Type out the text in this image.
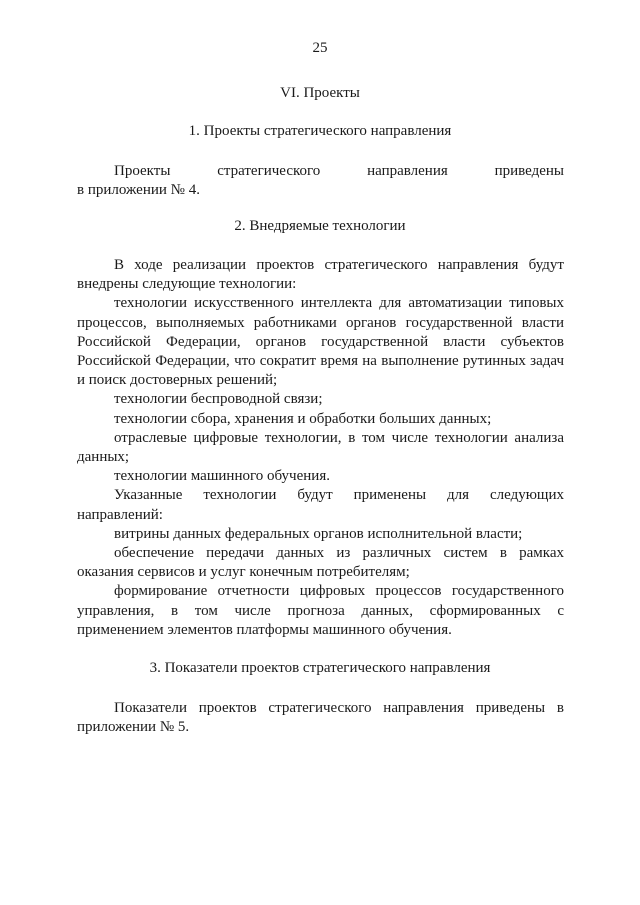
25
VI. Проекты
1. Проекты стратегического направления
Проекты	стратегического	направления	приведены
в приложении № 4.
2. Внедряемые технологии

В ходе реализации проектов стратегического направления будут внедрены следующие технологии:

технологии искусственного интеллекта для автоматизации типовых процессов, выполняемых работниками органов государственной власти Российской Федерации, органов государственной власти субъектов Российской Федерации, что сократит время на выполнение рутинных задач и поиск достоверных решений;

технологии беспроводной связи;

технологии сбора, хранения и обработки больших данных;

отраслевые цифровые технологии, в том числе технологии анализа данных;

технологии машинного обучения.

Указанные технологии будут применены для следующих направлений:

витрины данных федеральных органов исполнительной власти;

обеспечение передачи данных из различных систем в рамках оказания сервисов и услуг конечным потребителям;

формирование отчетности цифровых процессов государственного управления, в том числе прогноза данных, сформированных с применением элементов платформы машинного обучения.

3. Показатели проектов стратегического направления

Показатели проектов стратегического направления приведены в приложении № 5.
